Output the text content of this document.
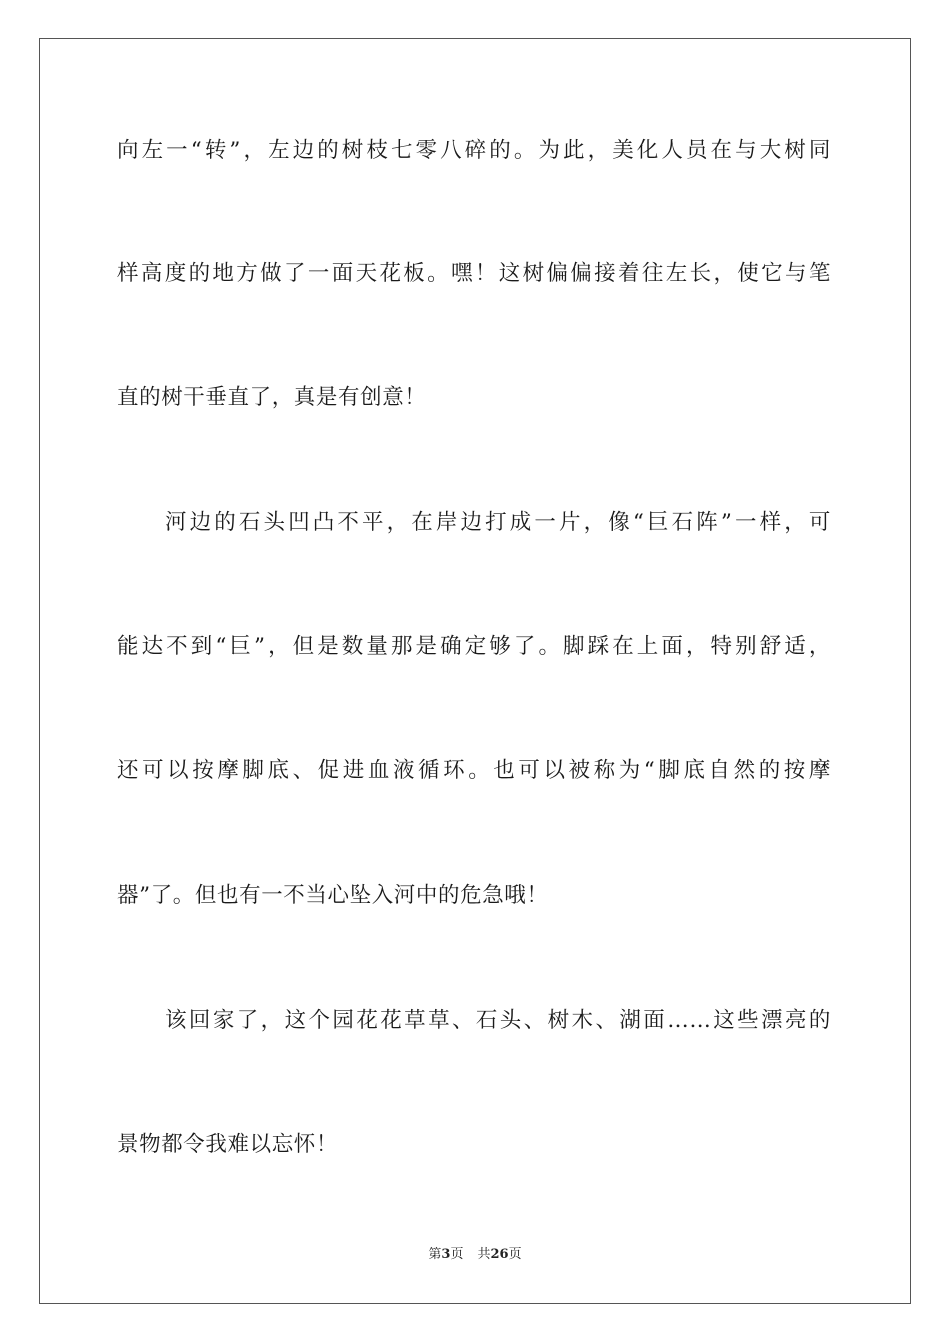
向左一“转”，左边的树枝七零八碎的。为此，美化人员在与大树同
样高度的地方做了一面天花板。嘿！这树偏偏接着往左长，使它与笔
直的树干垂直了，真是有创意！
河边的石头凹凸不平，在岸边打成一片，像“巨石阵”一样，可
能达不到“巨”，但是数量那是确定够了。脚踩在上面，特别舒适，
还可以按摩脚底、促进血液循环。也可以被称为“脚底自然的按摩
器”了。但也有一不当心坠入河中的危急哦！
该回家了，这个园花花草草、石头、树木、湖面……这些漂亮的
景物都令我难以忘怀！
第3页 共26页
